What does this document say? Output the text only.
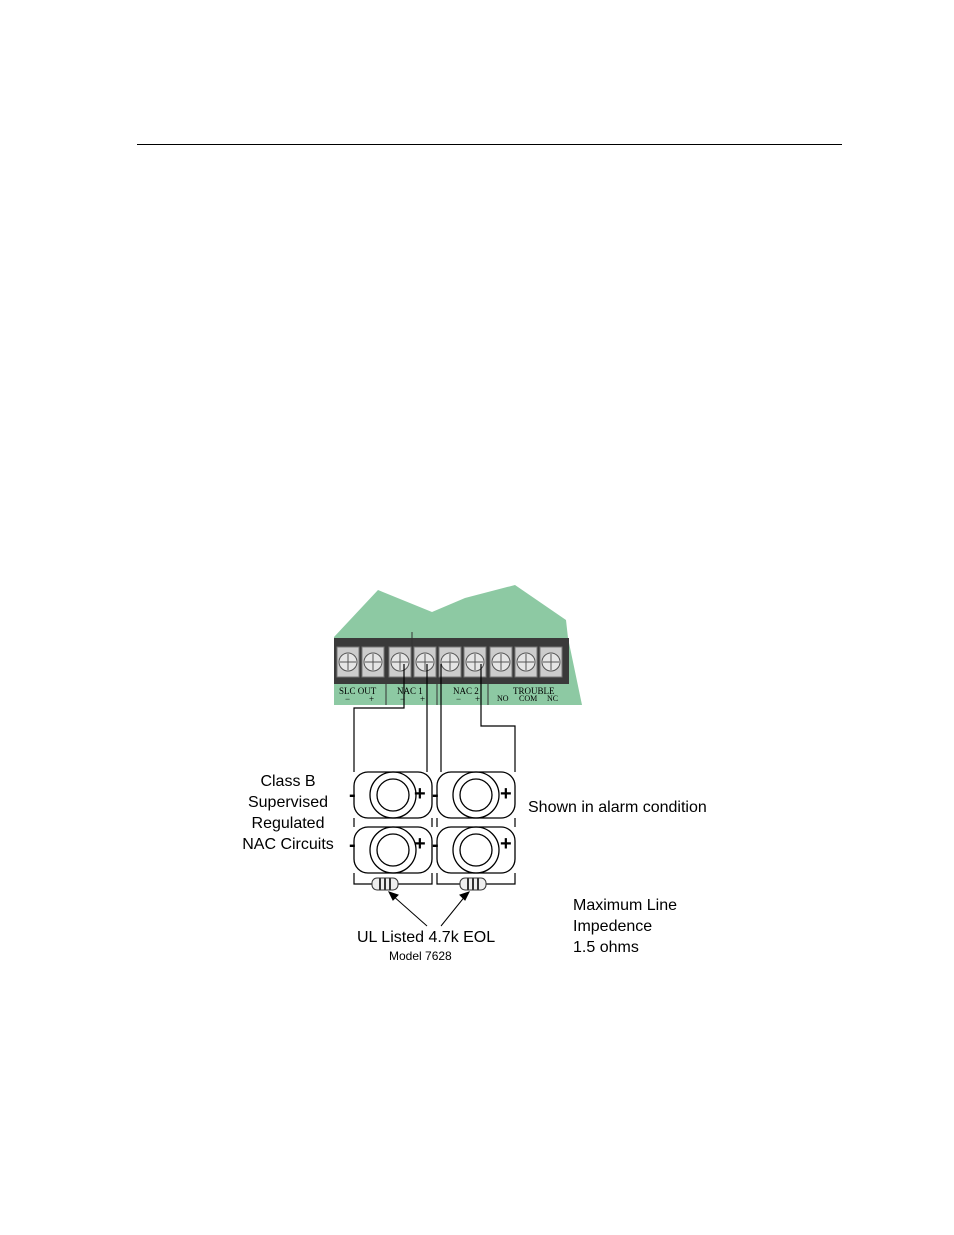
SLC OUT
− +
NAC 1
− +
NAC 2
− +
TROUBLE
NO COM NC
-	+ -	+
-	+ -	+
Class B
Supervised
Regulated
NAC Circuits
Shown in alarm condition
Maximum Line
Impedence
1.5 ohms
UL Listed 4.7k EOL
Model 7628
